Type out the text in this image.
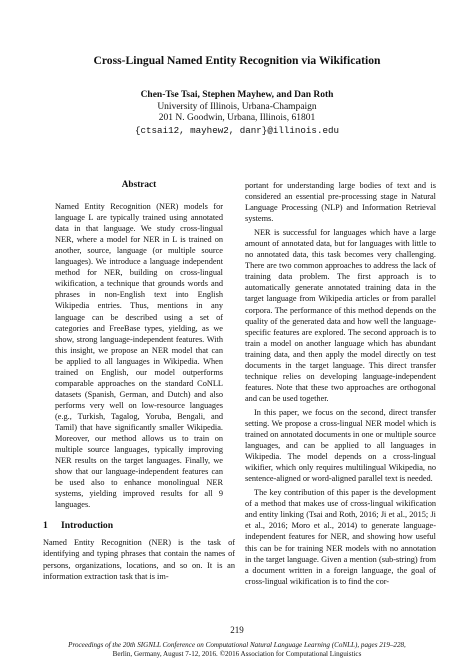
Cross-Lingual Named Entity Recognition via Wikification
Chen-Tse Tsai, Stephen Mayhew, and Dan Roth
University of Illinois, Urbana-Champaign
201 N. Goodwin, Urbana, Illinois, 61801
{ctsai12, mayhew2, danr}@illinois.edu
Abstract

Named Entity Recognition (NER) models for language L are typically trained using annotated data in that language. We study cross-lingual NER, where a model for NER in L is trained on another, source, language (or multiple source languages). We introduce a language independent method for NER, building on cross-lingual wikification, a technique that grounds words and phrases in non-English text into English Wikipedia entries. Thus, mentions in any language can be described using a set of categories and FreeBase types, yielding, as we show, strong language-independent features. With this insight, we propose an NER model that can be applied to all languages in Wikipedia. When trained on English, our model outperforms comparable approaches on the standard CoNLL datasets (Spanish, German, and Dutch) and also performs very well on low-resource languages (e.g., Turkish, Tagalog, Yoruba, Bengali, and Tamil) that have significantly smaller Wikipedia. Moreover, our method allows us to train on multiple source languages, typically improving NER results on the target languages. Finally, we show that our language-independent features can be used also to enhance monolingual NER systems, yielding improved results for all 9 languages.

1 Introduction

Named Entity Recognition (NER) is the task of identifying and typing phrases that contain the names of persons, organizations, locations, and so on. It is an information extraction task that is im-

portant for understanding large bodies of text and is considered an essential pre-processing stage in Natural Language Processing (NLP) and Information Retrieval systems.

NER is successful for languages which have a large amount of annotated data, but for languages with little to no annotated data, this task becomes very challenging. There are two common approaches to address the lack of training data problem. The first approach is to automatically generate annotated training data in the target language from Wikipedia articles or from parallel corpora. The performance of this method depends on the quality of the generated data and how well the language-specific features are explored. The second approach is to train a model on another language which has abundant training data, and then apply the model directly on test documents in the target language. This direct transfer technique relies on developing language-independent features. Note that these two approaches are orthogonal and can be used together.

In this paper, we focus on the second, direct transfer setting. We propose a cross-lingual NER model which is trained on annotated documents in one or multiple source languages, and can be applied to all languages in Wikipedia. The model depends on a cross-lingual wikifier, which only requires multilingual Wikipedia, no sentence-aligned or word-aligned parallel text is needed.

The key contribution of this paper is the development of a method that makes use of cross-lingual wikification and entity linking (Tsai and Roth, 2016; Ji et al., 2015; Ji et al., 2016; Moro et al., 2014) to generate language-independent features for NER, and showing how useful this can be for training NER models with no annotation in the target language. Given a mention (sub-string) from a document written in a foreign language, the goal of cross-lingual wikification is to find the cor-

219
Proceedings of the 20th SIGNLL Conference on Computational Natural Language Learning (CoNLL), pages 219–228,
Berlin, Germany, August 7-12, 2016. ©2016 Association for Computational Linguistics
